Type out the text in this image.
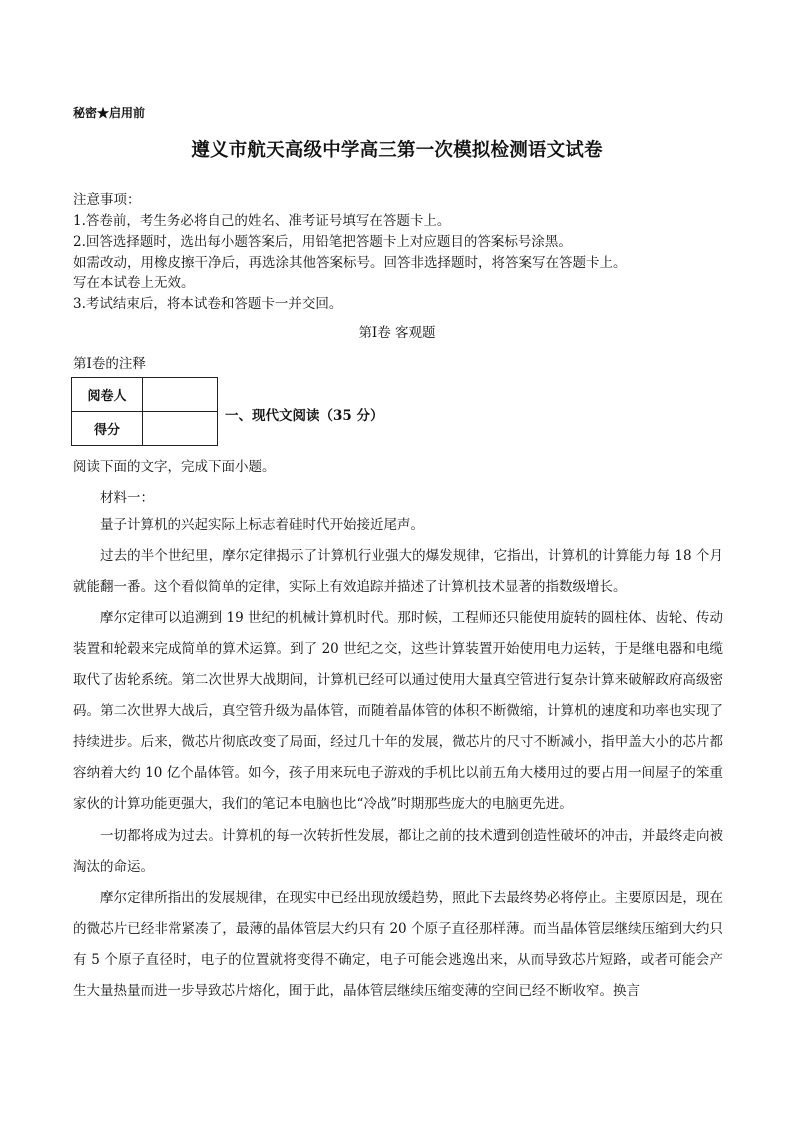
秘密★启用前
遵义市航天高级中学高三第一次模拟检测语文试卷
注意事项：
1.答卷前，考生务必将自己的姓名、准考证号填写在答题卡上。
2.回答选择题时，选出每小题答案后，用铅笔把答题卡上对应题目的答案标号涂黑。
如需改动，用橡皮擦干净后，再选涂其他答案标号。回答非选择题时，将答案写在答题卡上。
写在本试卷上无效。
3.考试结束后，将本试卷和答题卡一并交回。
第Ⅰ卷 客观题
第Ⅰ卷的注释
阅卷人	
得分	
一、现代文阅读（35 分）
阅读下面的文字，完成下面小题。
材料一：

量子计算机的兴起实际上标志着硅时代开始接近尾声。

过去的半个世纪里，摩尔定律揭示了计算机行业强大的爆发规律，它指出，计算机的计算能力每 18 个月就能翻一番。这个看似简单的定律，实际上有效追踪并描述了计算机技术显著的指数级增长。

摩尔定律可以追溯到 19 世纪的机械计算机时代。那时候，工程师还只能使用旋转的圆柱体、齿轮、传动装置和轮毂来完成简单的算术运算。到了 20 世纪之交，这些计算装置开始使用电力运转，于是继电器和电缆取代了齿轮系统。第二次世界大战期间，计算机已经可以通过使用大量真空管进行复杂计算来破解政府高级密码。第二次世界大战后，真空管升级为晶体管，而随着晶体管的体积不断微缩，计算机的速度和功率也实现了持续进步。后来，微芯片彻底改变了局面，经过几十年的发展，微芯片的尺寸不断减小，指甲盖大小的芯片都容纳着大约 10 亿个晶体管。如今，孩子用来玩电子游戏的手机比以前五角大楼用过的要占用一间屋子的笨重家伙的计算功能更强大，我们的笔记本电脑也比“冷战”时期那些庞大的电脑更先进。

一切都将成为过去。计算机的每一次转折性发展，都让之前的技术遭到创造性破坏的冲击，并最终走向被淘汰的命运。

摩尔定律所指出的发展规律，在现实中已经出现放缓趋势，照此下去最终势必将停止。主要原因是，现在的微芯片已经非常紧凑了，最薄的晶体管层大约只有 20 个原子直径那样薄。而当晶体管层继续压缩到大约只有 5 个原子直径时，电子的位置就将变得不确定，电子可能会逃逸出来，从而导致芯片短路，或者可能会产生大量热量而进一步导致芯片熔化，囿于此，晶体管层继续压缩变薄的空间已经不断收窄。换言
